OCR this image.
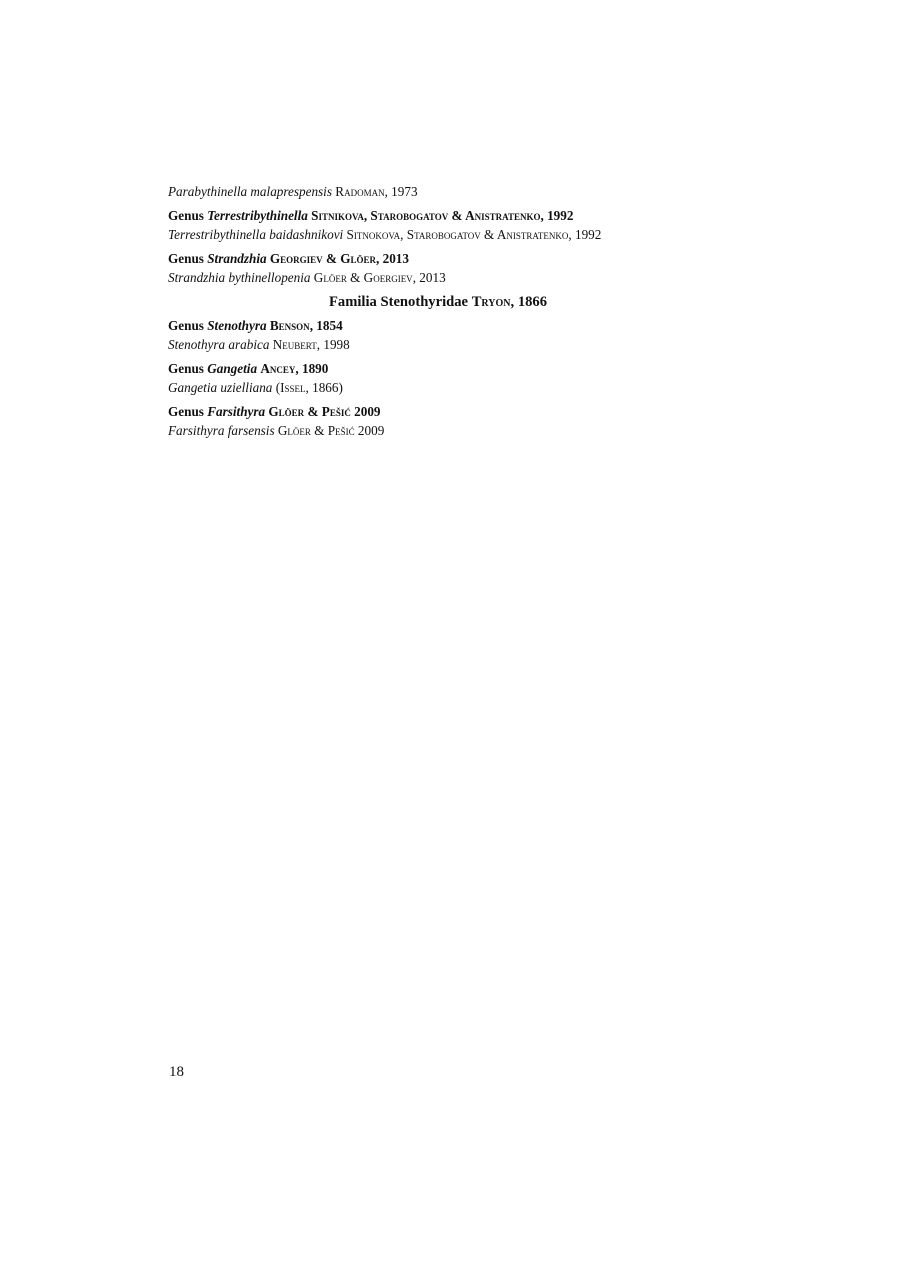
Parabythinella malaprespensis Radoman, 1973

Genus Terrestribythinella Sitnikova, Starobogatov & Anistratenko, 1992

Terrestribythinella baidashnikovi Sitnokova, Starobogatov & Anistratenko, 1992

Genus Strandzhia Georgiev & Glöer, 2013

Strandzhia bythinellopenia Glöer & Goergiev, 2013

Familia Stenothyridae Tryon, 1866

Genus Stenothyra Benson, 1854

Stenothyra arabica Neubert, 1998

Genus Gangetia Ancey, 1890

Gangetia uzielliana (Issel, 1866)

Genus Farsithyra Glöer & Pešić 2009

Farsithyra farsensis Glöer & Pešić 2009

18
